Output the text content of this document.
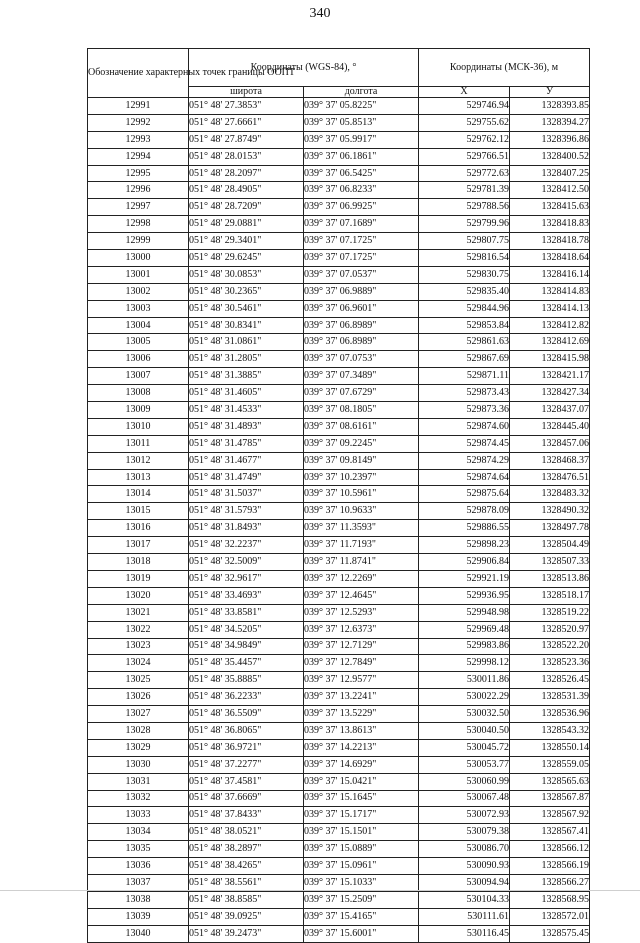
340
Обозначение характерных точек границы ООПТ	Координаты (WGS-84), °		Координаты (МСК-36), м	
	широта	долгота	X	У
12991	051° 48' 27.3853"	039° 37' 05.8225"	529746.94	1328393.85
12992	051° 48' 27.6661"	039° 37' 05.8513"	529755.62	1328394.27
12993	051° 48' 27.8749"	039° 37' 05.9917"	529762.12	1328396.86
12994	051° 48' 28.0153"	039° 37' 06.1861"	529766.51	1328400.52
12995	051° 48' 28.2097"	039° 37' 06.5425"	529772.63	1328407.25
12996	051° 48' 28.4905"	039° 37' 06.8233"	529781.39	1328412.50
12997	051° 48' 28.7209"	039° 37' 06.9925"	529788.56	1328415.63
12998	051° 48' 29.0881"	039° 37' 07.1689"	529799.96	1328418.83
12999	051° 48' 29.3401"	039° 37' 07.1725"	529807.75	1328418.78
13000	051° 48' 29.6245"	039° 37' 07.1725"	529816.54	1328418.64
13001	051° 48' 30.0853"	039° 37' 07.0537"	529830.75	1328416.14
13002	051° 48' 30.2365"	039° 37' 06.9889"	529835.40	1328414.83
13003	051° 48' 30.5461"	039° 37' 06.9601"	529844.96	1328414.13
13004	051° 48' 30.8341"	039° 37' 06.8989"	529853.84	1328412.82
13005	051° 48' 31.0861"	039° 37' 06.8989"	529861.63	1328412.69
13006	051° 48' 31.2805"	039° 37' 07.0753"	529867.69	1328415.98
13007	051° 48' 31.3885"	039° 37' 07.3489"	529871.11	1328421.17
13008	051° 48' 31.4605"	039° 37' 07.6729"	529873.43	1328427.34
13009	051° 48' 31.4533"	039° 37' 08.1805"	529873.36	1328437.07
13010	051° 48' 31.4893"	039° 37' 08.6161"	529874.60	1328445.40
13011	051° 48' 31.4785"	039° 37' 09.2245"	529874.45	1328457.06
13012	051° 48' 31.4677"	039° 37' 09.8149"	529874.29	1328468.37
13013	051° 48' 31.4749"	039° 37' 10.2397"	529874.64	1328476.51
13014	051° 48' 31.5037"	039° 37' 10.5961"	529875.64	1328483.32
13015	051° 48' 31.5793"	039° 37' 10.9633"	529878.09	1328490.32
13016	051° 48' 31.8493"	039° 37' 11.3593"	529886.55	1328497.78
13017	051° 48' 32.2237"	039° 37' 11.7193"	529898.23	1328504.49
13018	051° 48' 32.5009"	039° 37' 11.8741"	529906.84	1328507.33
13019	051° 48' 32.9617"	039° 37' 12.2269"	529921.19	1328513.86
13020	051° 48' 33.4693"	039° 37' 12.4645"	529936.95	1328518.17
13021	051° 48' 33.8581"	039° 37' 12.5293"	529948.98	1328519.22
13022	051° 48' 34.5205"	039° 37' 12.6373"	529969.48	1328520.97
13023	051° 48' 34.9849"	039° 37' 12.7129"	529983.86	1328522.20
13024	051° 48' 35.4457"	039° 37' 12.7849"	529998.12	1328523.36
13025	051° 48' 35.8885"	039° 37' 12.9577"	530011.86	1328526.45
13026	051° 48' 36.2233"	039° 37' 13.2241"	530022.29	1328531.39
13027	051° 48' 36.5509"	039° 37' 13.5229"	530032.50	1328536.96
13028	051° 48' 36.8065"	039° 37' 13.8613"	530040.50	1328543.32
13029	051° 48' 36.9721"	039° 37' 14.2213"	530045.72	1328550.14
13030	051° 48' 37.2277"	039° 37' 14.6929"	530053.77	1328559.05
13031	051° 48' 37.4581"	039° 37' 15.0421"	530060.99	1328565.63
13032	051° 48' 37.6669"	039° 37' 15.1645"	530067.48	1328567.87
13033	051° 48' 37.8433"	039° 37' 15.1717"	530072.93	1328567.92
13034	051° 48' 38.0521"	039° 37' 15.1501"	530079.38	1328567.41
13035	051° 48' 38.2897"	039° 37' 15.0889"	530086.70	1328566.12
13036	051° 48' 38.4265"	039° 37' 15.0961"	530090.93	1328566.19
13037	051° 48' 38.5561"	039° 37' 15.1033"	530094.94	1328566.27
13038	051° 48' 38.8585"	039° 37' 15.2509"	530104.33	1328568.95
13039	051° 48' 39.0925"	039° 37' 15.4165"	530111.61	1328572.01
13040	051° 48' 39.2473"	039° 37' 15.6001"	530116.45	1328575.45
